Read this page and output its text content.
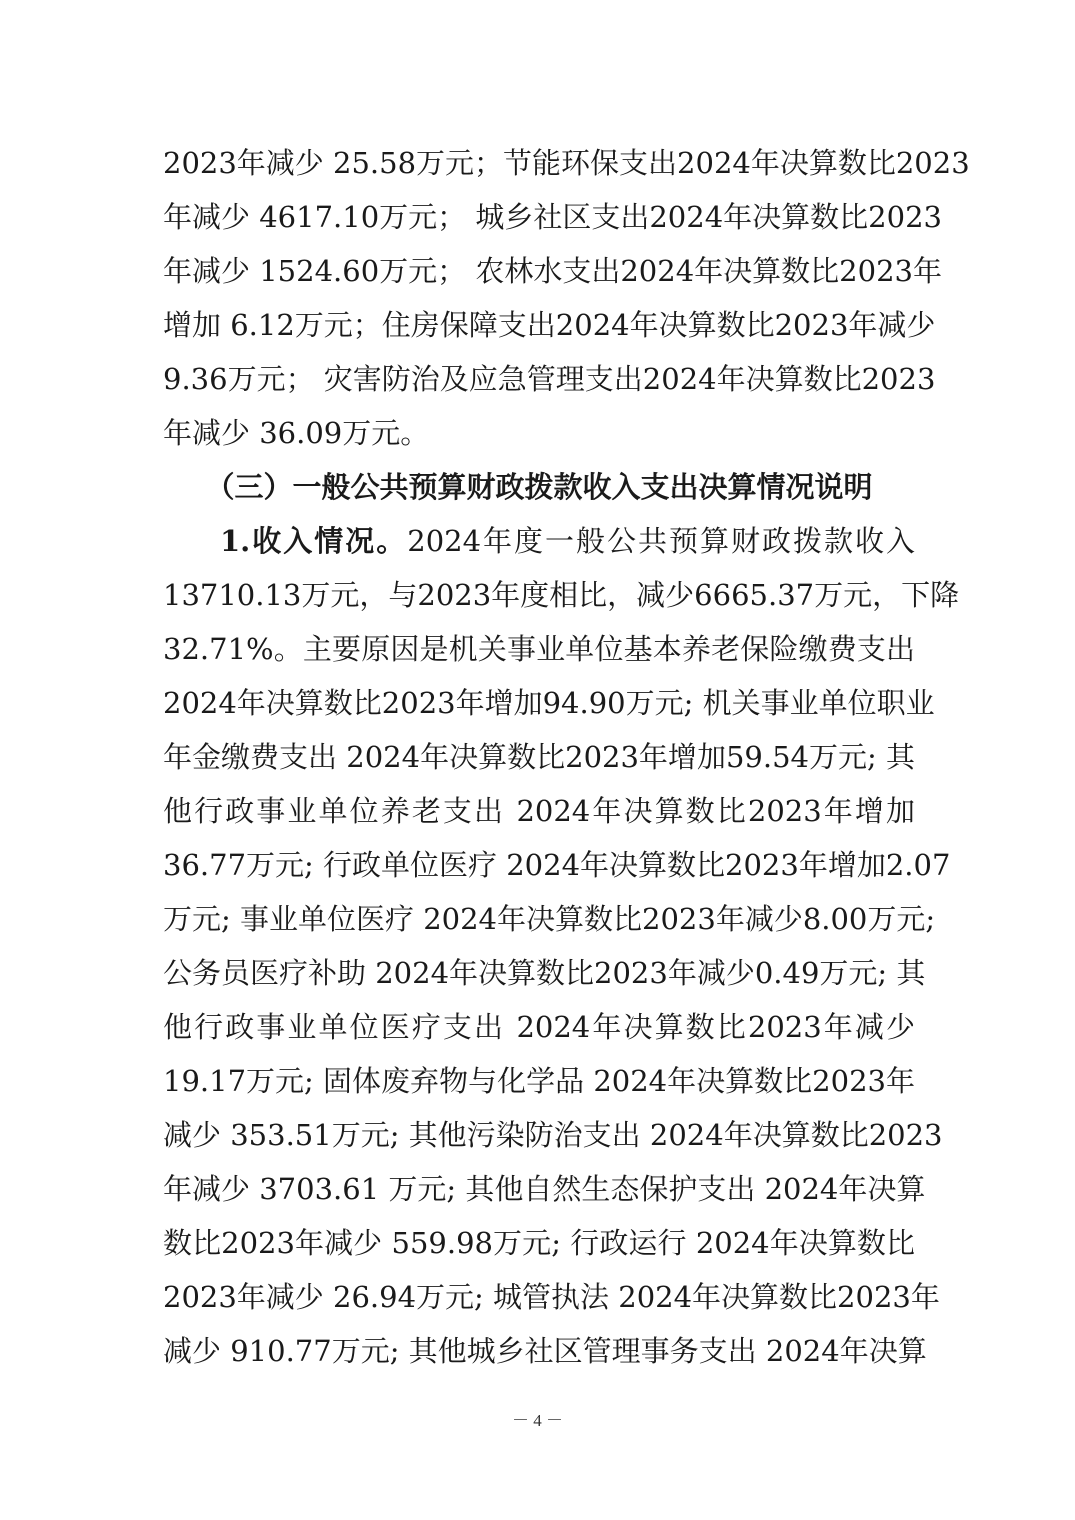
2023年减少 25.58万元；节能环保支出2024年决算数比2023
年减少 4617.10万元； 城乡社区支出2024年决算数比2023
年减少 1524.60万元； 农林水支出2024年决算数比2023年
增加 6.12万元；住房保障支出2024年决算数比2023年减少
9.36万元； 灾害防治及应急管理支出2024年决算数比2023
年减少 36.09万元。
（三）一般公共预算财政拨款收入支出决算情况说明
1.收入情况。2024年度一般公共预算财政拨款收入
13710.13万元，与2023年度相比，减少6665.37万元，下降
32.71%。主要原因是机关事业单位基本养老保险缴费支出
2024年决算数比2023年增加94.90万元; 机关事业单位职业
年金缴费支出 2024年决算数比2023年增加59.54万元; 其
他行政事业单位养老支出 2024年决算数比2023年增加
36.77万元; 行政单位医疗 2024年决算数比2023年增加2.07
万元; 事业单位医疗 2024年决算数比2023年减少8.00万元;
公务员医疗补助 2024年决算数比2023年减少0.49万元; 其
他行政事业单位医疗支出 2024年决算数比2023年减少
19.17万元; 固体废弃物与化学品 2024年决算数比2023年
减少 353.51万元; 其他污染防治支出 2024年决算数比2023
年减少 3703.61 万元; 其他自然生态保护支出 2024年决算
数比2023年减少 559.98万元; 行政运行 2024年决算数比
2023年减少 26.94万元; 城管执法 2024年决算数比2023年
减少 910.77万元; 其他城乡社区管理事务支出 2024年决算
－ 4 －
